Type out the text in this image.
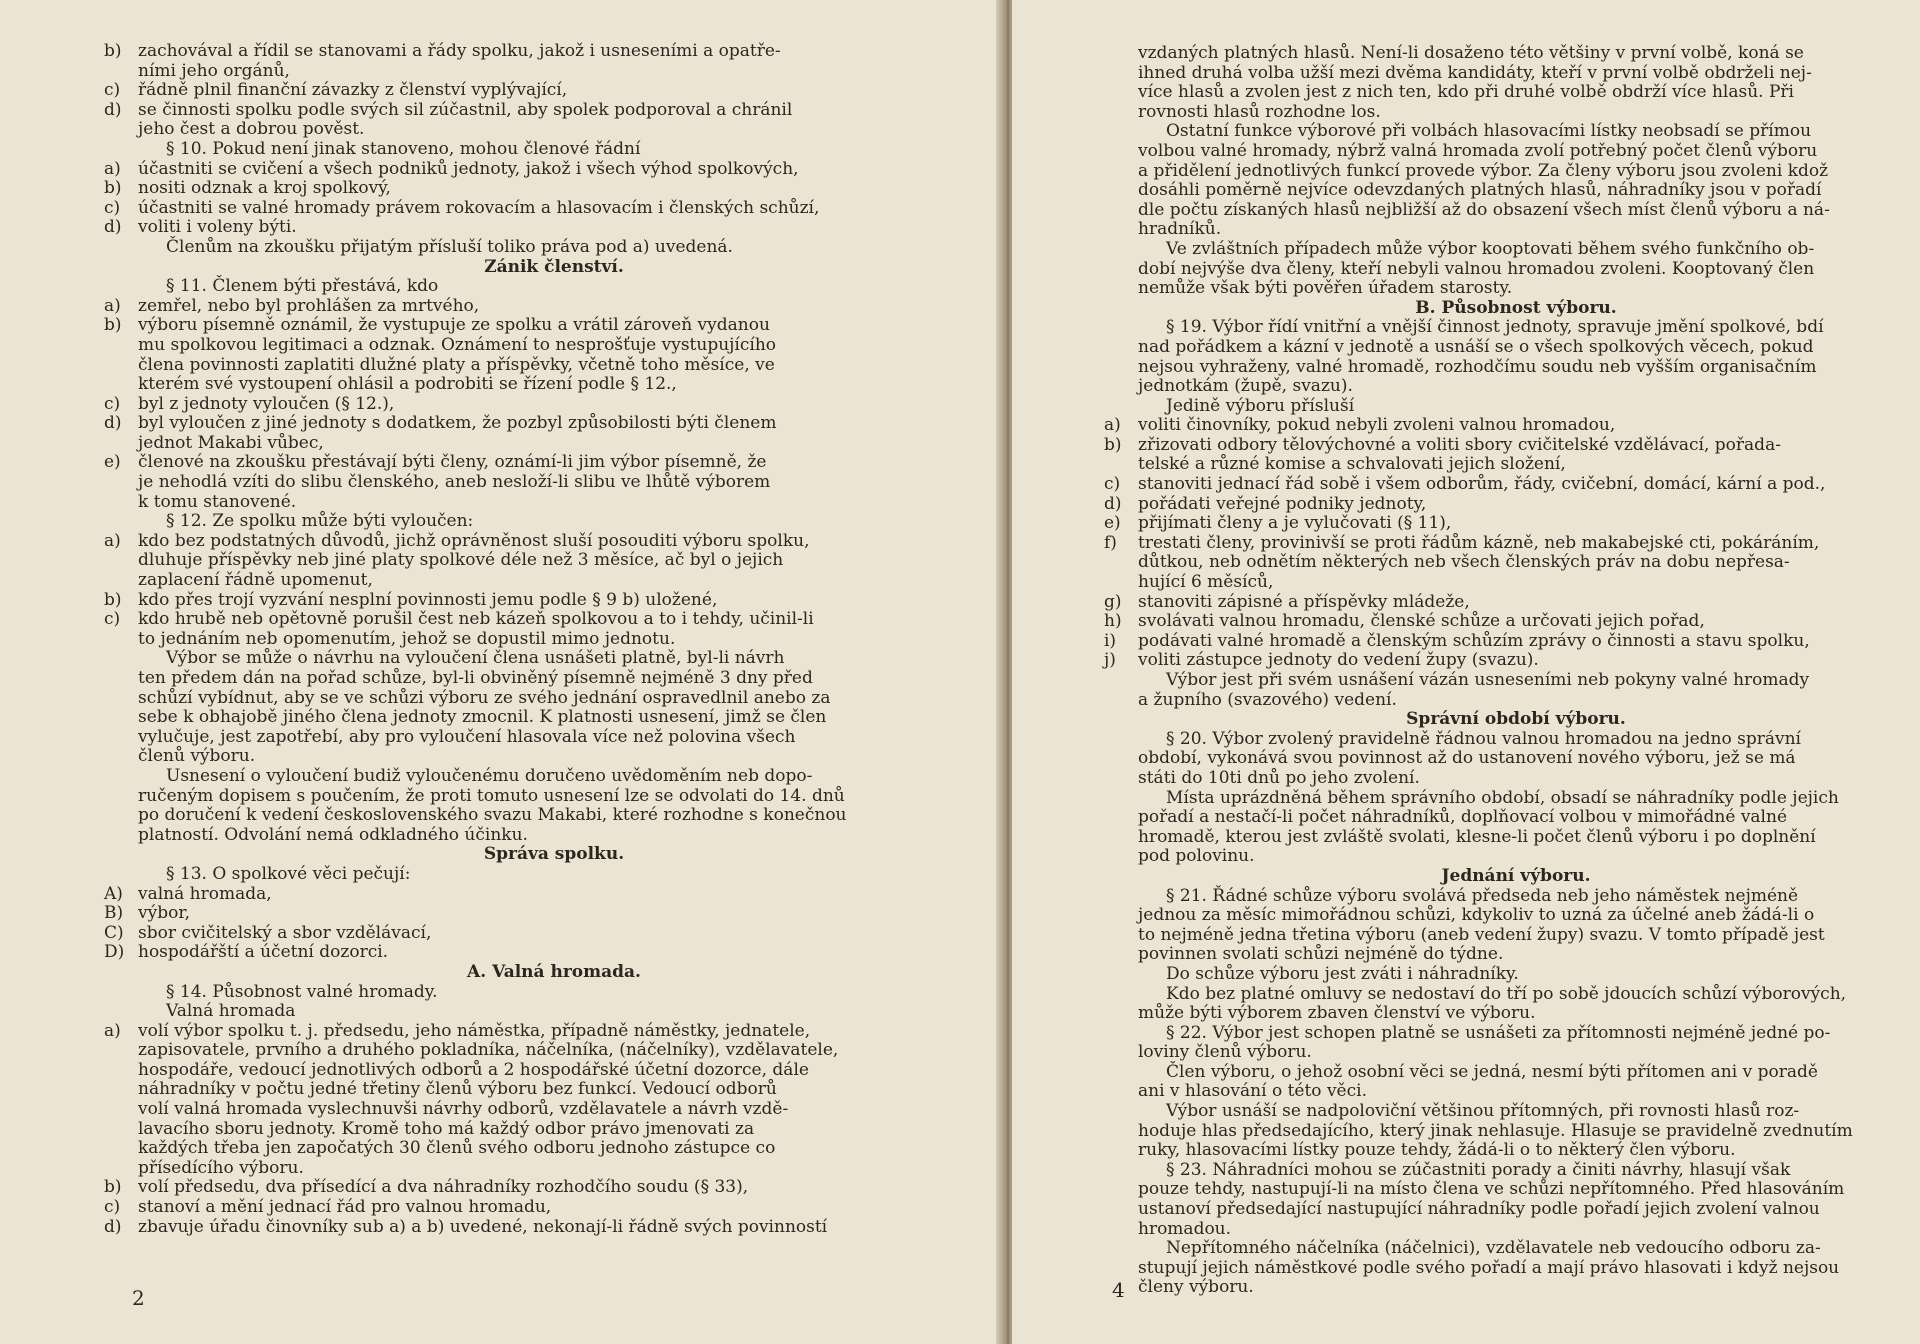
b) zachovával a řídil se stanovami a řády spolku, jakož i usneseními a opatře-
ními jeho orgánů,
c)	řádně plnil finanční závazky z členství vyplývající,
d) se činnosti spolku podle svých sil zúčastnil, aby spolek podporoval a chránil
jeho čest a dobrou pověst.
§ 10. Pokud není jinak stanoveno, mohou členové řádní
a)	účastniti se cvičení a všech podniků jednoty, jakož i všech výhod spolkových,
b) nositi odznak a kroj spolkový,
c)	účastniti se valné hromady právem rokovacím a hlasovacím i členských schůzí,
d) voliti i voleny býti.
Členům na zkoušku přijatým přísluší toliko práva pod a) uvedená.
Zánik členství.
§ 11. Členem býti přestává, kdo
a)	zemřel, nebo byl prohlášen za mrtvého,
b) výboru písemně oznámil, že vystupuje ze spolku a vrátil zároveň vydanou
mu spolkovou legitimaci a odznak. Oznámení to nesprošťuje vystupujícího
člena povinnosti zaplatiti dlužné platy a příspěvky, včetně toho měsíce, ve
kterém své vystoupení ohlásil a podrobiti se řízení podle § 12.,
c)	byl z jednoty vyloučen (§ 12.),
d) byl vyloučen z jiné jednoty s dodatkem, že pozbyl způsobilosti býti členem
jednot Makabi vůbec,
e)	členové na zkoušku přestávají býti členy, oznámí-li jim výbor písemně, že
je nehodlá vzíti do slibu členského, aneb nesloží-li slibu ve lhůtě výborem
k tomu stanovené.
§ 12. Ze spolku může býti vyloučen:
a)	kdo bez podstatných důvodů, jichž oprávněnost sluší posouditi výboru spolku,
dluhuje příspěvky neb jiné platy spolkové déle než 3 měsíce, ač byl o jejich
zaplacení řádně upomenut,
b) kdo přes trojí vyzvání nesplní povinnosti jemu podle § 9 b) uložené,
c)	kdo hrubě neb opětovně porušil čest neb kázeň spolkovou a to i tehdy, učinil-li
to jednáním neb opomenutím, jehož se dopustil mimo jednotu.
Výbor se může o návrhu na vyloučení člena usnášeti platně, byl-li návrh
ten předem dán na pořad schůze, byl-li obviněný písemně nejméně 3 dny před
schůzí vybídnut, aby se ve schůzi výboru ze svého jednání ospravedlnil anebo za
sebe k obhajobě jiného člena jednoty zmocnil. K platnosti usnesení, jimž se člen
vylučuje, jest zapotřebí, aby pro vyloučení hlasovala více než polovina všech
členů výboru.
Usnesení o vyloučení budiž vyloučenému doručeno uvědoměním neb dopo-
ručeným dopisem s poučením, že proti tomuto usnesení lze se odvolati do 14. dnů
po doručení k vedení československého svazu Makabi, které rozhodne s konečnou
platností. Odvolání nemá odkladného účinku.
Správa spolku.
§ 13. O spolkové věci pečují:
A) valná hromada,
B) výbor,
C) sbor cvičitelský a sbor vzdělávací,
D) hospodářští a účetní dozorci.
A. Valná hromada.
§ 14. Působnost valné hromady.
Valná hromada
a)	volí výbor spolku t. j. předsedu, jeho náměstka, případně náměstky, jednatele,
zapisovatele, prvního a druhého pokladníka, náčelníka, (náčelníky), vzdělavatele,
hospodáře, vedoucí jednotlivých odborů a 2 hospodářské účetní dozorce, dále
náhradníky v počtu jedné třetiny členů výboru bez funkcí. Vedoucí odborů
volí valná hromada vyslechnuvši návrhy odborů, vzdělavatele a návrh vzdě-
lavacího sboru jednoty. Kromě toho má každý odbor právo jmenovati za
každých třeba jen započatých 30 členů svého odboru jednoho zástupce co
přísedícího výboru.
b) volí předsedu, dva přísedící a dva náhradníky rozhodčího soudu (§ 33),
c)	stanoví a mění jednací řád pro valnou hromadu,
d) zbavuje úřadu činovníky sub a) a b) uvedené, nekonají-li řádně svých povinností
2
vzdaných platných hlasů. Není-li dosaženo této většiny v první volbě, koná se
ihned druhá volba užší mezi dvěma kandidáty, kteří v první volbě obdrželi nej-
více hlasů a zvolen jest z nich ten, kdo při druhé volbě obdrží více hlasů. Při
rovnosti hlasů rozhodne los.
Ostatní funkce výborové při volbách hlasovacími lístky neobsadí se přímou
volbou valné hromady, nýbrž valná hromada zvolí potřebný počet členů výboru
a přidělení jednotlivých funkcí provede výbor. Za členy výboru jsou zvoleni kdož
dosáhli poměrně nejvíce odevzdaných platných hlasů, náhradníky jsou v pořadí
dle počtu získaných hlasů nejbližší až do obsazení všech míst členů výboru a ná-
hradníků.
Ve zvláštních případech může výbor kooptovati během svého funkčního ob-
dobí nejvýše dva členy, kteří nebyli valnou hromadou zvoleni. Kooptovaný člen
nemůže však býti pověřen úřadem starosty.
B. Působnost výboru.
§ 19. Výbor řídí vnitřní a vnější činnost jednoty, spravuje jmění spolkové, bdí
nad pořádkem a kázní v jednotě a usnáší se o všech spolkových věcech, pokud
nejsou vyhraženy, valné hromadě, rozhodčímu soudu neb vyšším organisačním
jednotkám (župě, svazu).
Jedině výboru přísluší
a)	voliti činovníky, pokud nebyli zvoleni valnou hromadou,
b) zřizovati odbory tělovýchovné a voliti sbory cvičitelské vzdělávací, pořada-
telské a různé komise a schvalovati jejich složení,
c)	stanoviti jednací řád sobě i všem odborům, řády, cvičební, domácí, kární a pod.,
d) pořádati veřejné podniky jednoty,
e)	přijímati členy a je vylučovati (§ 11),
f)	trestati členy, provinivší se proti řádům kázně, neb makabejské cti, pokáráním,
důtkou, neb odnětím některých neb všech členských práv na dobu nepřesa-
hující 6 měsíců,
g) stanoviti zápisné a příspěvky mládeže,
h) svolávati valnou hromadu, členské schůze a určovati jejich pořad,
i)	podávati valné hromadě a členským schůzím zprávy o činnosti a stavu spolku,
j)	voliti zástupce jednoty do vedení župy (svazu).
Výbor jest při svém usnášení vázán usneseními neb pokyny valné hromady
a župního (svazového) vedení.
Správní období výboru.
§ 20. Výbor zvolený pravidelně řádnou valnou hromadou na jedno správní
období, vykonává svou povinnost až do ustanovení nového výboru, jež se má
státi do 10ti dnů po jeho zvolení.
Místa uprázdněná během správního období, obsadí se náhradníky podle jejich
pořadí a nestačí-li počet náhradníků, doplňovací volbou v mimořádné valné
hromadě, kterou jest zvláště svolati, klesne-li počet členů výboru i po doplnění
pod polovinu.
Jednání výboru.
§ 21. Řádné schůze výboru svolává předseda neb jeho náměstek nejméně
jednou za měsíc mimořádnou schůzi, kdykoliv to uzná za účelné aneb žádá-li o
to nejméně jedna třetina výboru (aneb vedení župy) svazu. V tomto případě jest
povinnen svolati schůzi nejméně do týdne.
Do schůze výboru jest zváti i náhradníky.
Kdo bez platné omluvy se nedostaví do tří po sobě jdoucích schůzí výborových,
může býti výborem zbaven členství ve výboru.
§ 22. Výbor jest schopen platně se usnášeti za přítomnosti nejméně jedné po-
loviny členů výboru.
Člen výboru, o jehož osobní věci se jedná, nesmí býti přítomen ani v poradě
ani v hlasování o této věci.
Výbor usnáší se nadpoloviční většinou přítomných, při rovnosti hlasů roz-
hoduje hlas předsedajícího, který jinak nehlasuje. Hlasuje se pravidelně zvednutím
ruky, hlasovacími lístky pouze tehdy, žádá-li o to některý člen výboru.
§ 23. Náhradníci mohou se zúčastniti porady a činiti návrhy, hlasují však
pouze tehdy, nastupují-li na místo člena ve schůzi nepřítomného. Před hlasováním
ustanoví předsedající nastupující náhradníky podle pořadí jejich zvolení valnou
hromadou.
Nepřítomného náčelníka (náčelnici), vzdělavatele neb vedoucího odboru za-
stupují jejich náměstkové podle svého pořadí a mají právo hlasovati i když nejsou
členy výboru.
4
